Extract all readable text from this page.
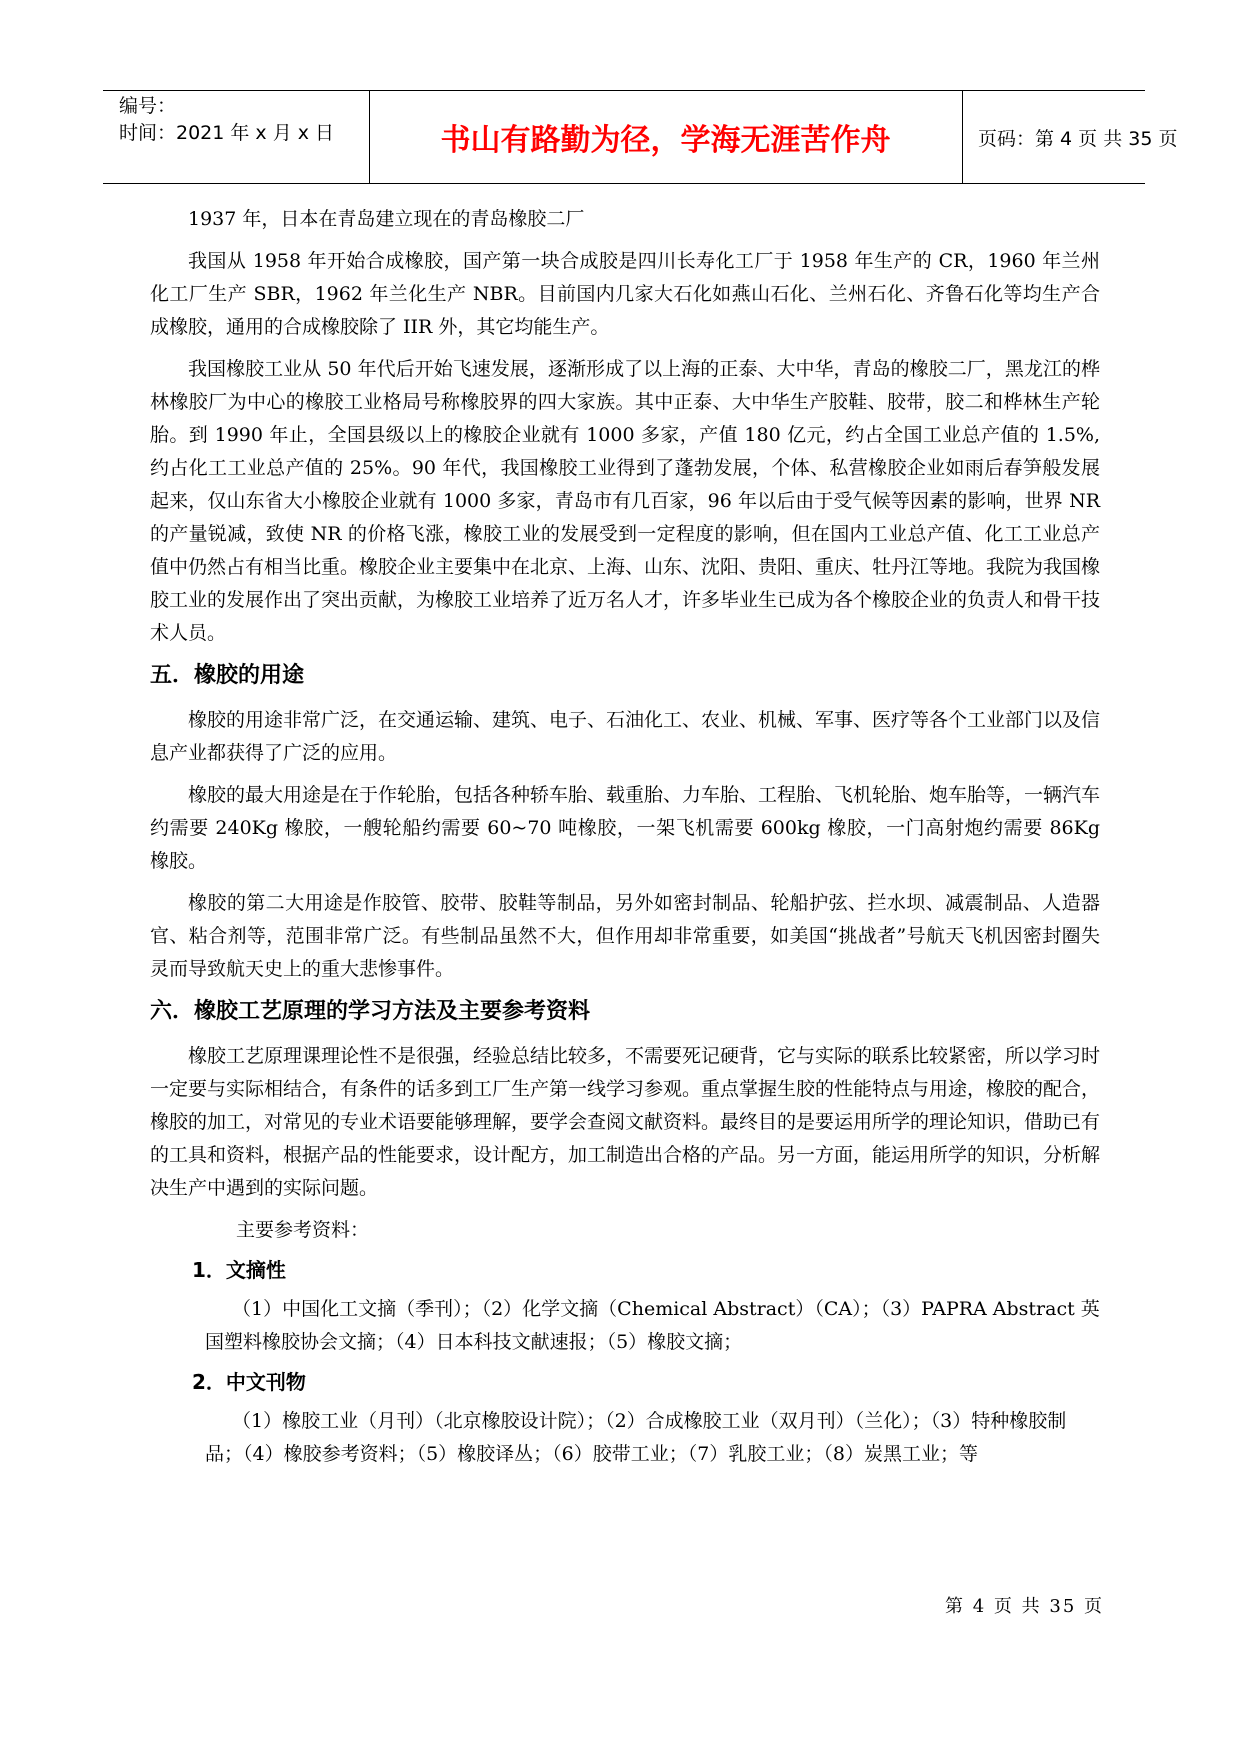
编号：
时间：2021 年 x 月 x 日	书山有路勤为径，学海无涯苦作舟	页码：第 4 页 共 35 页

1937 年，日本在青岛建立现在的青岛橡胶二厂

我国从 1958 年开始合成橡胶，国产第一块合成胶是四川长寿化工厂于 1958 年生产的 CR，1960 年兰州化工厂生产 SBR，1962 年兰化生产 NBR。目前国内几家大石化如燕山石化、兰州石化、齐鲁石化等均生产合成橡胶，通用的合成橡胶除了 IIR 外，其它均能生产。

我国橡胶工业从 50 年代后开始飞速发展，逐渐形成了以上海的正泰、大中华，青岛的橡胶二厂，黑龙江的桦林橡胶厂为中心的橡胶工业格局号称橡胶界的四大家族。其中正泰、大中华生产胶鞋、胶带，胶二和桦林生产轮胎。到 1990 年止，全国县级以上的橡胶企业就有 1000 多家，产值 180 亿元，约占全国工业总产值的 1.5%,约占化工工业总产值的 25%。90 年代，我国橡胶工业得到了蓬勃发展，个体、私营橡胶企业如雨后春笋般发展起来，仅山东省大小橡胶企业就有 1000 多家，青岛市有几百家，96 年以后由于受气候等因素的影响，世界 NR 的产量锐减，致使 NR 的价格飞涨，橡胶工业的发展受到一定程度的影响，但在国内工业总产值、化工工业总产值中仍然占有相当比重。橡胶企业主要集中在北京、上海、山东、沈阳、贵阳、重庆、牡丹江等地。我院为我国橡胶工业的发展作出了突出贡献，为橡胶工业培养了近万名人才，许多毕业生已成为各个橡胶企业的负责人和骨干技术人员。

五．橡胶的用途

橡胶的用途非常广泛，在交通运输、建筑、电子、石油化工、农业、机械、军事、医疗等各个工业部门以及信息产业都获得了广泛的应用。

橡胶的最大用途是在于作轮胎，包括各种轿车胎、载重胎、力车胎、工程胎、飞机轮胎、炮车胎等，一辆汽车约需要 240Kg 橡胶，一艘轮船约需要 60~70 吨橡胶，一架飞机需要 600kg 橡胶，一门高射炮约需要 86Kg 橡胶。

橡胶的第二大用途是作胶管、胶带、胶鞋等制品，另外如密封制品、轮船护弦、拦水坝、减震制品、人造器官、粘合剂等，范围非常广泛。有些制品虽然不大，但作用却非常重要，如美国“挑战者”号航天飞机因密封圈失灵而导致航天史上的重大悲惨事件。

六．橡胶工艺原理的学习方法及主要参考资料

橡胶工艺原理课理论性不是很强，经验总结比较多，不需要死记硬背，它与实际的联系比较紧密，所以学习时一定要与实际相结合，有条件的话多到工厂生产第一线学习参观。重点掌握生胶的性能特点与用途，橡胶的配合，橡胶的加工，对常见的专业术语要能够理解，要学会查阅文献资料。最终目的是要运用所学的理论知识，借助已有的工具和资料，根据产品的性能要求，设计配方，加工制造出合格的产品。另一方面，能运用所学的知识，分析解决生产中遇到的实际问题。

主要参考资料：

1．文摘性

（1）中国化工文摘（季刊）；（2）化学文摘（Chemical Abstract）（CA）；（3）PAPRA Abstract 英国塑料橡胶协会文摘；（4）日本科技文献速报；（5）橡胶文摘；

2．中文刊物

（1）橡胶工业（月刊）（北京橡胶设计院）；（2）合成橡胶工业（双月刊）（兰化）；（3）特种橡胶制品；（4）橡胶参考资料；（5）橡胶译丛；（6）胶带工业；（7）乳胶工业；（8）炭黑工业；等

第 4 页 共 35 页
